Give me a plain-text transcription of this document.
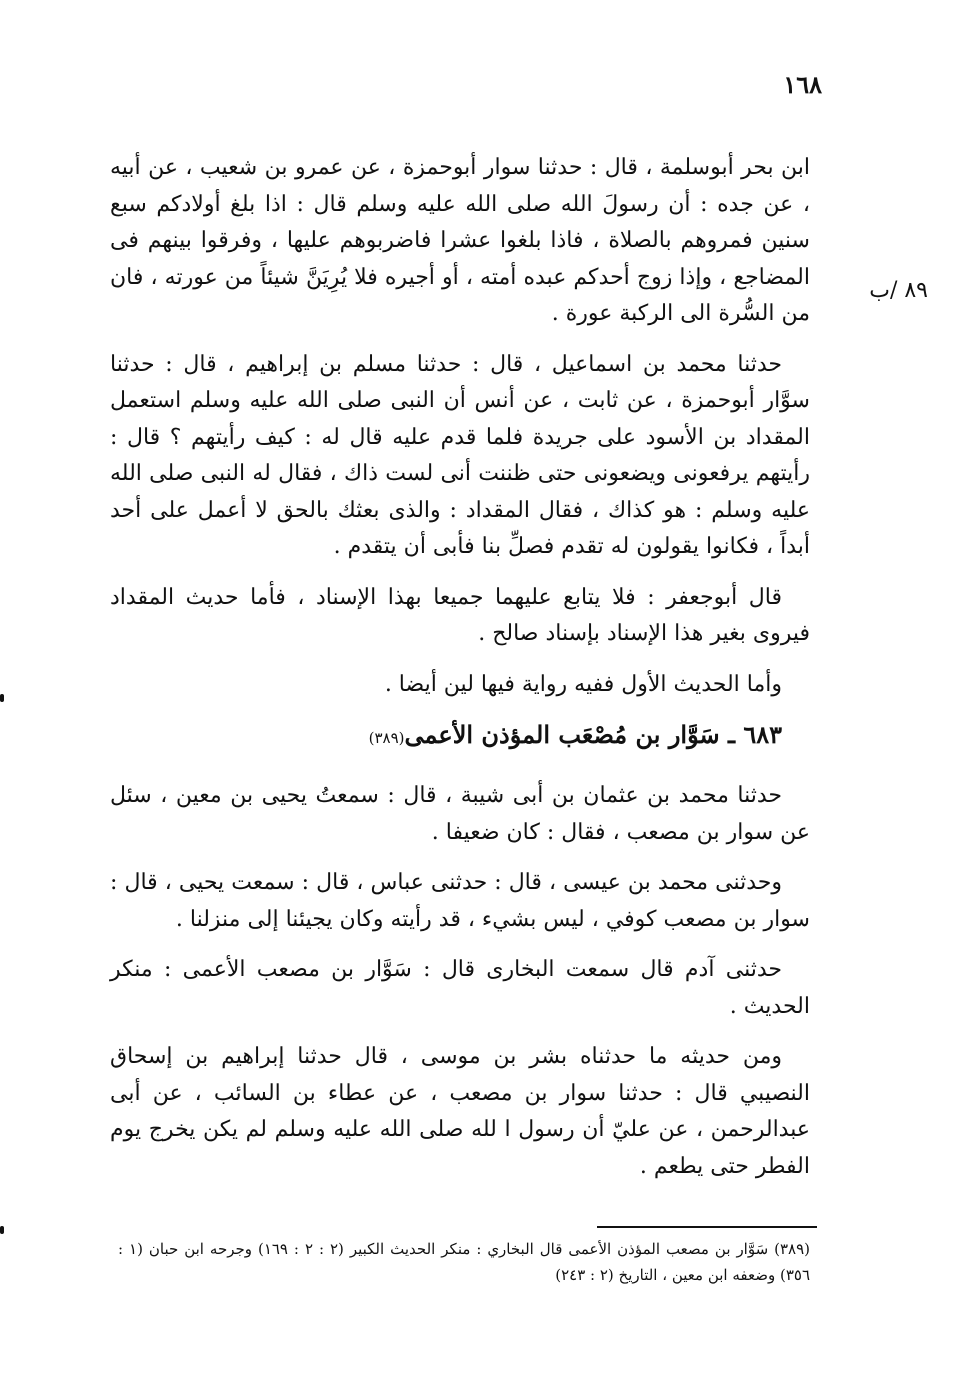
١٦٨
٨٩ /ب

ابن بحر أبوسلمة ، قال : حدثنا سوار أبوحمزة ، عن عمرو بن شعيب ، عن أبيه ، عن جده : أن رسولَ الله صلى الله عليه وسلم قال : اذا بلغ أولادكم سبع سنين فمروهم بالصلاة ، فاذا بلغوا عشرا فاضربوهم عليها ، وفرقوا بينهم فى المضاجع ، وإذا زوج أحدكم عبده أمته ، أو أجيره فلا يُرِيَنَّ شيئاً من عورته ، فان من السُّرة الى الركبة عورة .

حدثنا محمد بن اسماعيل ، قال : حدثنا مسلم بن إبراهيم ، قال : حدثنا سوَّار أبوحمزة ، عن ثابت ، عن أنس أن النبى صلى الله عليه وسلم استعمل المقداد بن الأسود على جريدة فلما قدم عليه قال له : كيف رأيتهم ؟ قال : رأيتهم يرفعونى ويضعونى حتى ظننت أنى لست ذاك ، فقال له النبى صلى الله عليه وسلم : هو كذاك ، فقال المقداد : والذى بعثك بالحق لا أعمل على أحد أبداً ، فكانوا يقولون له تقدم فصلِّ بنا فأبى أن يتقدم .

قال أبوجعفر : فلا يتابع عليهما جميعا بهذا الإسناد ، فأما حديث المقداد فيروى بغير هذا الإسناد بإسناد صالح .

وأما الحديث الأول ففيه رواية فيها لين أيضا .

٦٨٣ ـ سَوَّار بن مُصْعَب المؤذن الأعمى(٣٨٩)

حدثنا محمد بن عثمان بن أبى شيبة ، قال : سمعتُ يحيى بن معين ، سئل عن سوار بن مصعب ، فقال : كان ضعيفا .

وحدثنى محمد بن عيسى ، قال : حدثنى عباس ، قال : سمعت يحيى ، قال : سوار بن مصعب كوفي ، ليس بشيء ، قد رأيته وكان يجيئنا إلى منزلنا .

حدثنى آدم قال سمعت البخارى قال : سَوَّار بن مصعب الأعمى : منكر الحديث .

ومن حديثه ما حدثناه بشر بن موسى ، قال حدثنا إبراهيم بن إسحاق النصيبي قال : حدثنا سوار بن مصعب ، عن عطاء بن السائب ، عن أبى عبدالرحمن ، عن عليّ أن رسول ا لله صلى الله عليه وسلم لم يكن يخرج يوم الفطر حتى يطعم .

(٣٨٩) سَوَّار بن مصعب المؤذن الأعمى قال البخاري : منكر الحديث الكبير (٢ : ٢ : ١٦٩) وجرحه ابن حبان (١ : ٣٥٦) وضعفه ابن معين ، التاريخ (٢ : ٢٤٣)
